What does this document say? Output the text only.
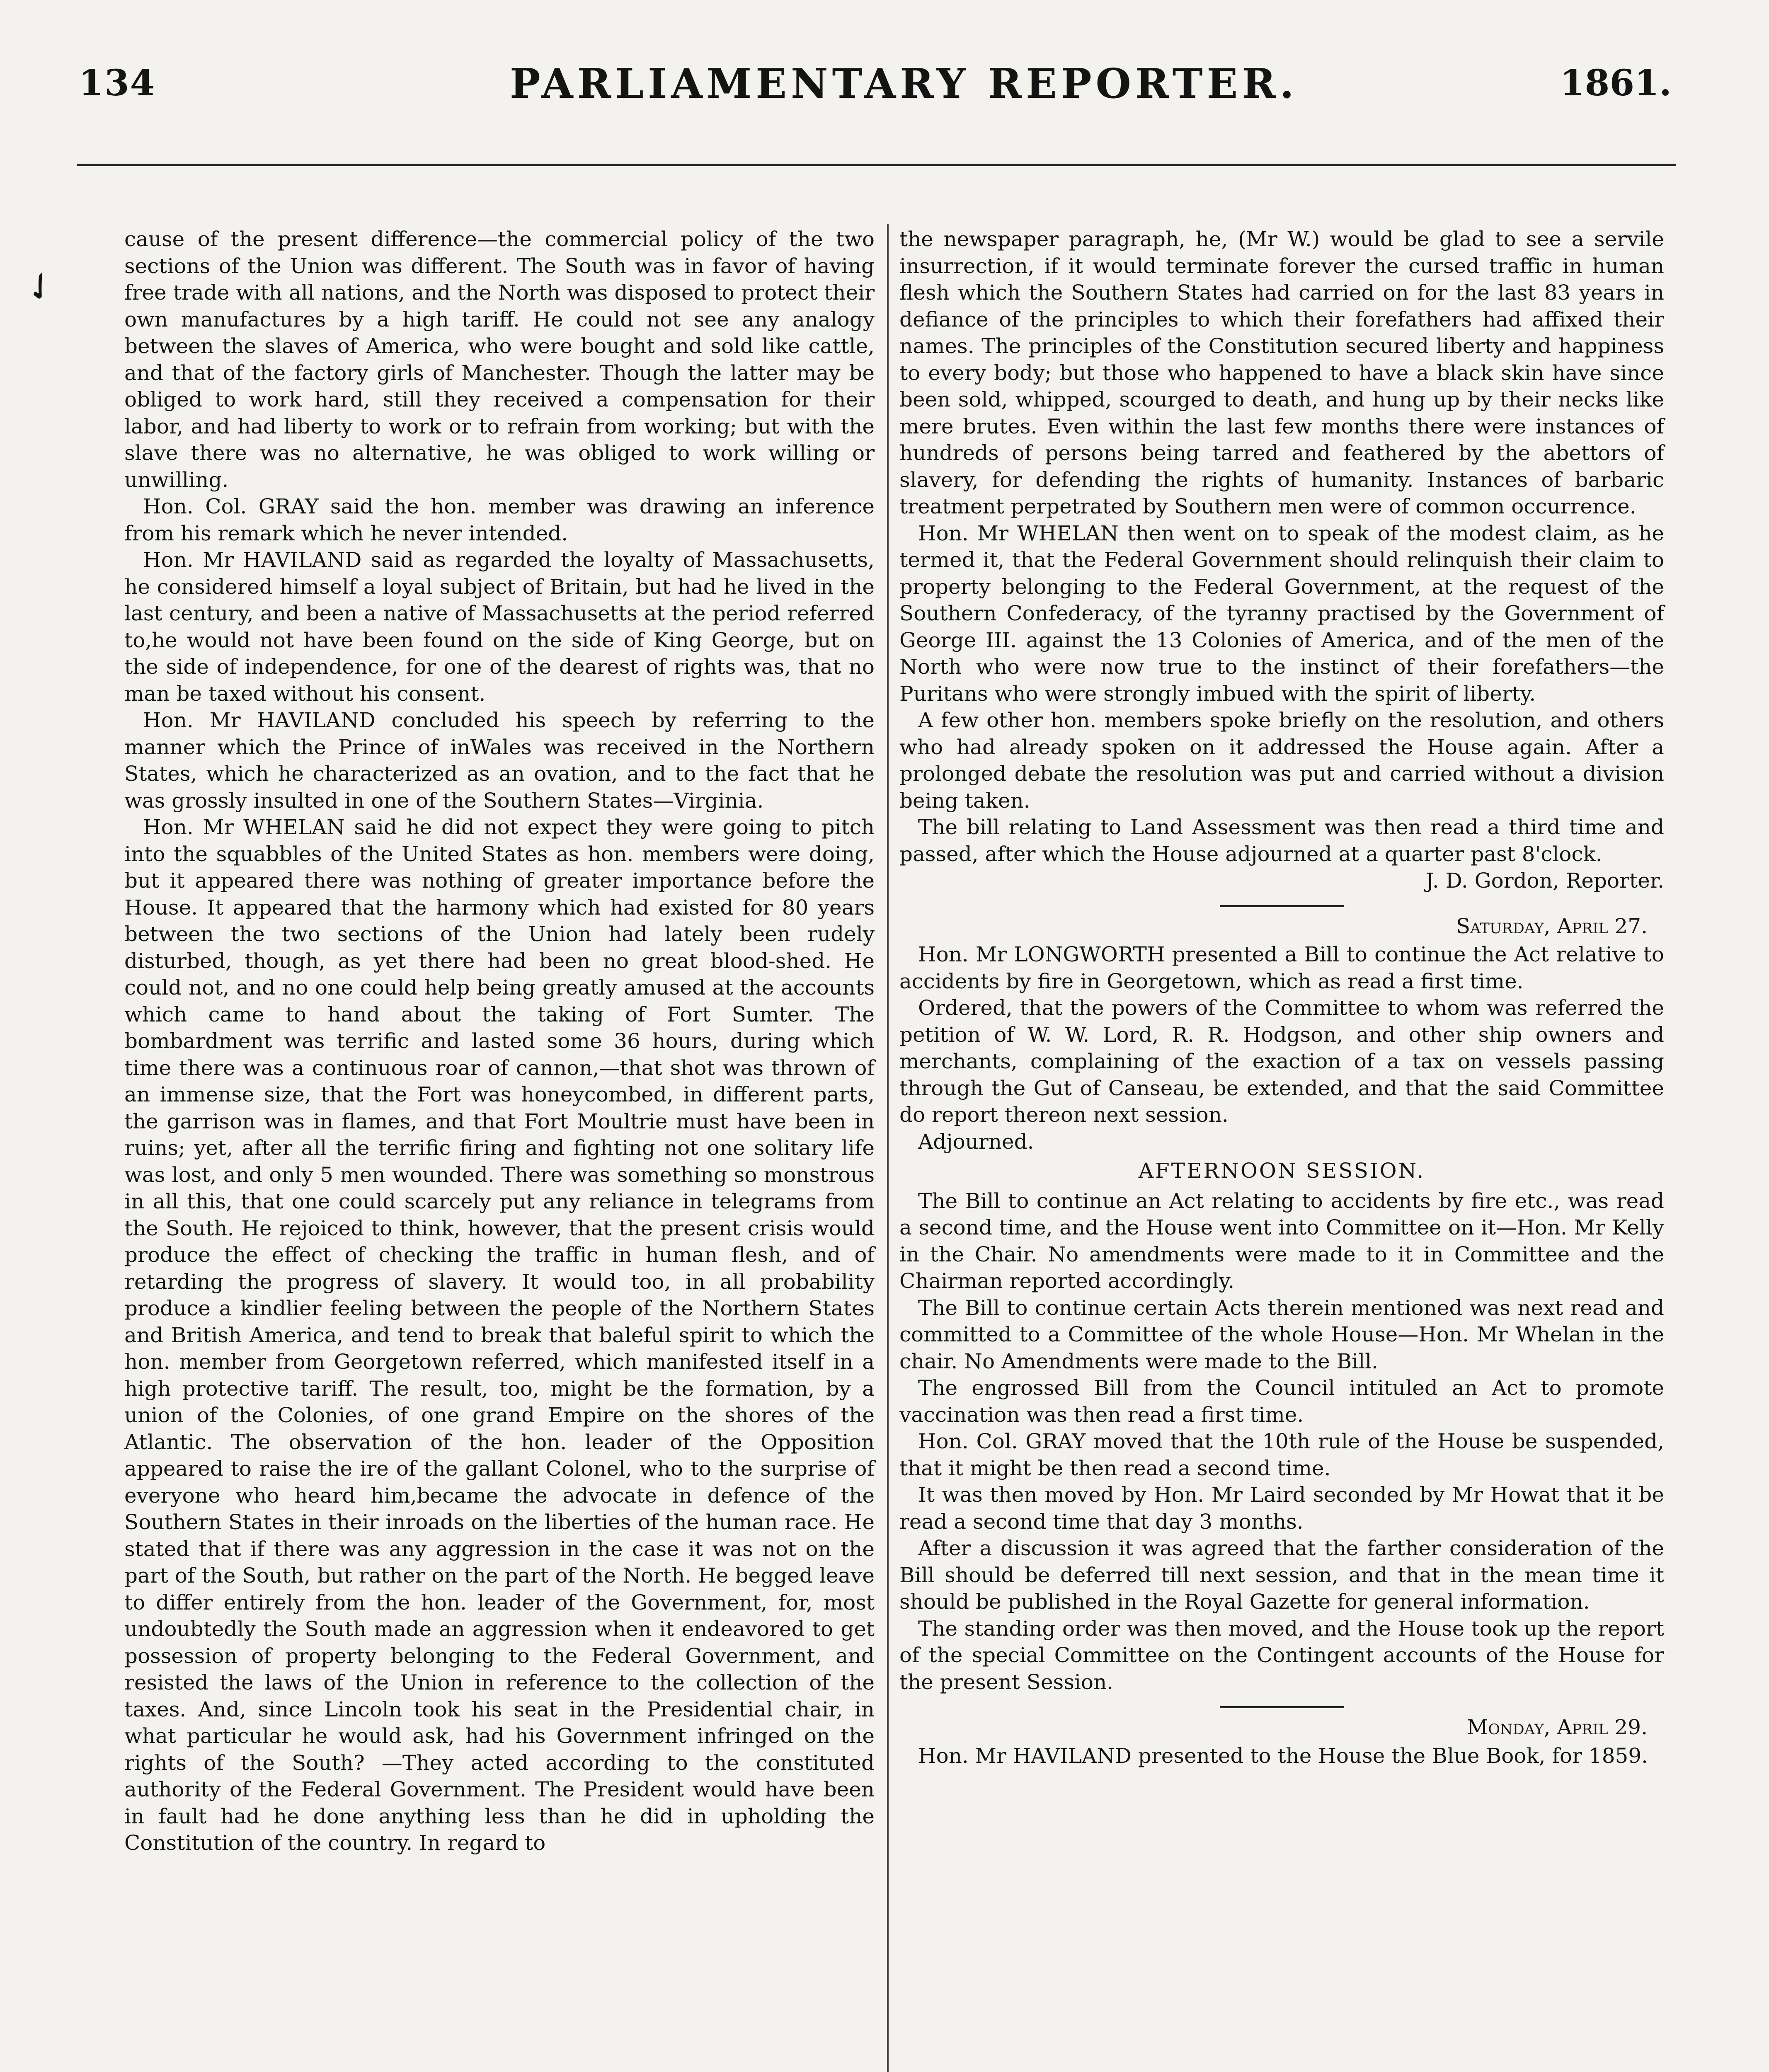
134	PARLIAMENTARY REPORTER.	1861.
✓

cause of the present difference—the commercial policy of the two sections of the Union was different. The South was in favor of having free trade with all nations, and the North was disposed to protect their own manufactures by a high tariff. He could not see any analogy between the slaves of America, who were bought and sold like cattle, and that of the factory girls of Manchester. Though the latter may be obliged to work hard, still they received a compensation for their labor, and had liberty to work or to refrain from working; but with the slave there was no alternative, he was obliged to work willing or unwilling.

Hon. Col. GRAY said the hon. member was drawing an inference from his remark which he never intended.

Hon. Mr HAVILAND said as regarded the loyalty of Massachusetts, he considered himself a loyal subject of Britain, but had he lived in the last century, and been a native of Massachusetts at the period referred to,he would not have been found on the side of King George, but on the side of independence, for one of the dearest of rights was, that no man be taxed without his consent.

Hon. Mr HAVILAND concluded his speech by referring to the manner which the Prince of inWales was received in the Northern States, which he characterized as an ovation, and to the fact that he was grossly insulted in one of the Southern States—Virginia.

Hon. Mr WHELAN said he did not expect they were going to pitch into the squabbles of the United States as hon. members were doing, but it appeared there was nothing of greater importance before the House. It appeared that the harmony which had existed for 80 years between the two sections of the Union had lately been rudely disturbed, though, as yet there had been no great blood-shed. He could not, and no one could help being greatly amused at the accounts which came to hand about the taking of Fort Sumter. The bombardment was terrific and lasted some 36 hours, during which time there was a continuous roar of cannon,—that shot was thrown of an immense size, that the Fort was honeycombed, in different parts, the garrison was in flames, and that Fort Moultrie must have been in ruins; yet, after all the terrific firing and fighting not one solitary life was lost, and only 5 men wounded. There was something so monstrous in all this, that one could scarcely put any reliance in telegrams from the South. He rejoiced to think, however, that the present crisis would produce the effect of checking the traffic in human flesh, and of retarding the progress of slavery. It would too, in all probability produce a kindlier feeling between the people of the Northern States and British America, and tend to break that baleful spirit to which the hon. member from Georgetown referred, which manifested itself in a high protective tariff. The result, too, might be the formation, by a union of the Colonies, of one grand Empire on the shores of the Atlantic. The observation of the hon. leader of the Opposition appeared to raise the ire of the gallant Colonel, who to the surprise of everyone who heard him,became the advocate in defence of the Southern States in their inroads on the liberties of the human race. He stated that if there was any aggression in the case it was not on the part of the South, but rather on the part of the North. He begged leave to differ entirely from the hon. leader of the Government, for, most undoubtedly the South made an aggression when it endeavored to get possession of property belonging to the Federal Government, and resisted the laws of the Union in reference to the collection of the taxes. And, since Lincoln took his seat in the Presidential chair, in what particular he would ask, had his Government infringed on the rights of the South? —They acted according to the constituted authority of the Federal Government. The President would have been in fault had he done anything less than he did in upholding the Constitution of the country. In regard to

the newspaper paragraph, he, (Mr W.) would be glad to see a servile insurrection, if it would terminate forever the cursed traffic in human flesh which the Southern States had carried on for the last 83 years in defiance of the principles to which their forefathers had affixed their names. The principles of the Constitution secured liberty and happiness to every body; but those who happened to have a black skin have since been sold, whipped, scourged to death, and hung up by their necks like mere brutes. Even within the last few months there were instances of hundreds of persons being tarred and feathered by the abettors of slavery, for defending the rights of humanity. Instances of barbaric treatment perpetrated by Southern men were of common occurrence.

Hon. Mr WHELAN then went on to speak of the modest claim, as he termed it, that the Federal Government should relinquish their claim to property belonging to the Federal Government, at the request of the Southern Confederacy, of the tyranny practised by the Government of George III. against the 13 Colonies of America, and of the men of the North who were now true to the instinct of their forefathers—the Puritans who were strongly imbued with the spirit of liberty.

A few other hon. members spoke briefly on the resolution, and others who had already spoken on it addressed the House again. After a prolonged debate the resolution was put and carried without a division being taken.

The bill relating to Land Assessment was then read a third time and passed, after which the House adjourned at a quarter past 8'clock.

J. D. Gordon, Reporter.

Saturday, April 27.

Hon. Mr LONGWORTH presented a Bill to continue the Act relative to accidents by fire in Georgetown, which as read a first time.

Ordered, that the powers of the Committee to whom was referred the petition of W. W. Lord, R. R. Hodgson, and other ship owners and merchants, complaining of the exaction of a tax on vessels passing through the Gut of Canseau, be extended, and that the said Committee do report thereon next session.

Adjourned.

AFTERNOON SESSION.

The Bill to continue an Act relating to accidents by fire etc., was read a second time, and the House went into Committee on it—Hon. Mr Kelly in the Chair. No amendments were made to it in Committee and the Chairman reported accordingly.

The Bill to continue certain Acts therein mentioned was next read and committed to a Committee of the whole House—Hon. Mr Whelan in the chair. No Amendments were made to the Bill.

The engrossed Bill from the Council intituled an Act to promote vaccination was then read a first time.

Hon. Col. GRAY moved that the 10th rule of the House be suspended, that it might be then read a second time.

It was then moved by Hon. Mr Laird seconded by Mr Howat that it be read a second time that day 3 months.

After a discussion it was agreed that the farther consideration of the Bill should be deferred till next session, and that in the mean time it should be published in the Royal Gazette for general information.

The standing order was then moved, and the House took up the report of the special Committee on the Contingent accounts of the House for the present Session.

Monday, April 29.

Hon. Mr HAVILAND presented to the House the Blue Book, for 1859.
